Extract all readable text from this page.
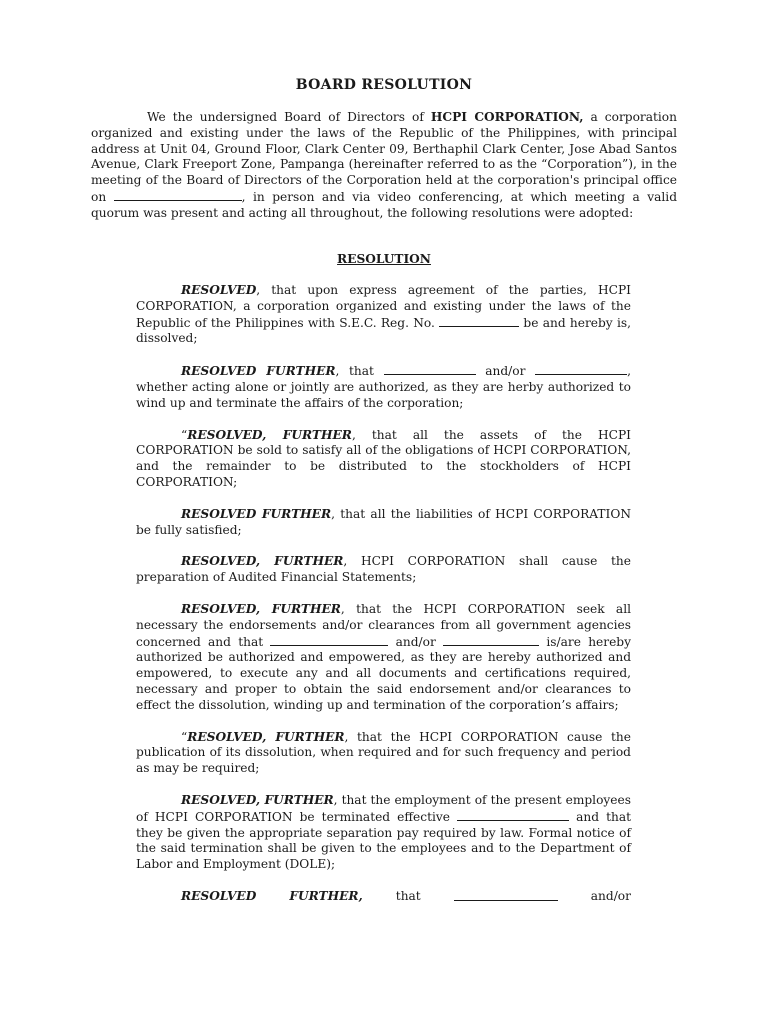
BOARD RESOLUTION

We the undersigned Board of Directors of HCPI CORPORATION, a corporation organized and existing under the laws of the Republic of the Philippines, with principal address at Unit 04, Ground Floor, Clark Center 09, Berthaphil Clark Center, Jose Abad Santos Avenue, Clark Freeport Zone, Pampanga (hereinafter referred to as the “Corporation”), in the meeting of the Board of Directors of the Corporation held at the corporation's principal office on	, in person and via video conferencing, at which meeting a valid quorum was present and acting all throughout, the following resolutions were adopted:

RESOLUTION

RESOLVED, that upon express agreement of the parties, HCPI CORPORATION, a corporation organized and existing under the laws of the Republic of the Philippines with S.E.C. Reg. No.	be and hereby is, dissolved;

RESOLVED FURTHER, that	and/or	, whether acting alone or jointly are authorized, as they are herby authorized to wind up and terminate the affairs of the corporation;

“RESOLVED, FURTHER, that all the assets of the HCPI CORPORATION be sold to satisfy all of the obligations of HCPI CORPORATION, and the remainder to be distributed to the stockholders of HCPI CORPORATION;

RESOLVED FURTHER, that all the liabilities of HCPI CORPORATION be fully satisfied;

RESOLVED, FURTHER, HCPI CORPORATION shall cause the preparation of Audited Financial Statements;

RESOLVED, FURTHER, that the HCPI CORPORATION seek all necessary the endorsements and/or clearances from all government agencies concerned and that	and/or	is/are hereby authorized be authorized and empowered, as they are hereby authorized and empowered, to execute any and all documents and certifications required, necessary and proper to obtain the said endorsement and/or clearances to effect the dissolution, winding up and termination of the corporation’s affairs;

“RESOLVED, FURTHER, that the HCPI CORPORATION cause the publication of its dissolution, when required and for such frequency and period as may be required;

RESOLVED, FURTHER, that the employment of the present employees of HCPI CORPORATION be terminated effective	and that they be given the appropriate separation pay required by law. Formal notice of the said termination shall be given to the employees and to the Department of Labor and Employment (DOLE);

RESOLVED	FURTHER,	that	and/or
